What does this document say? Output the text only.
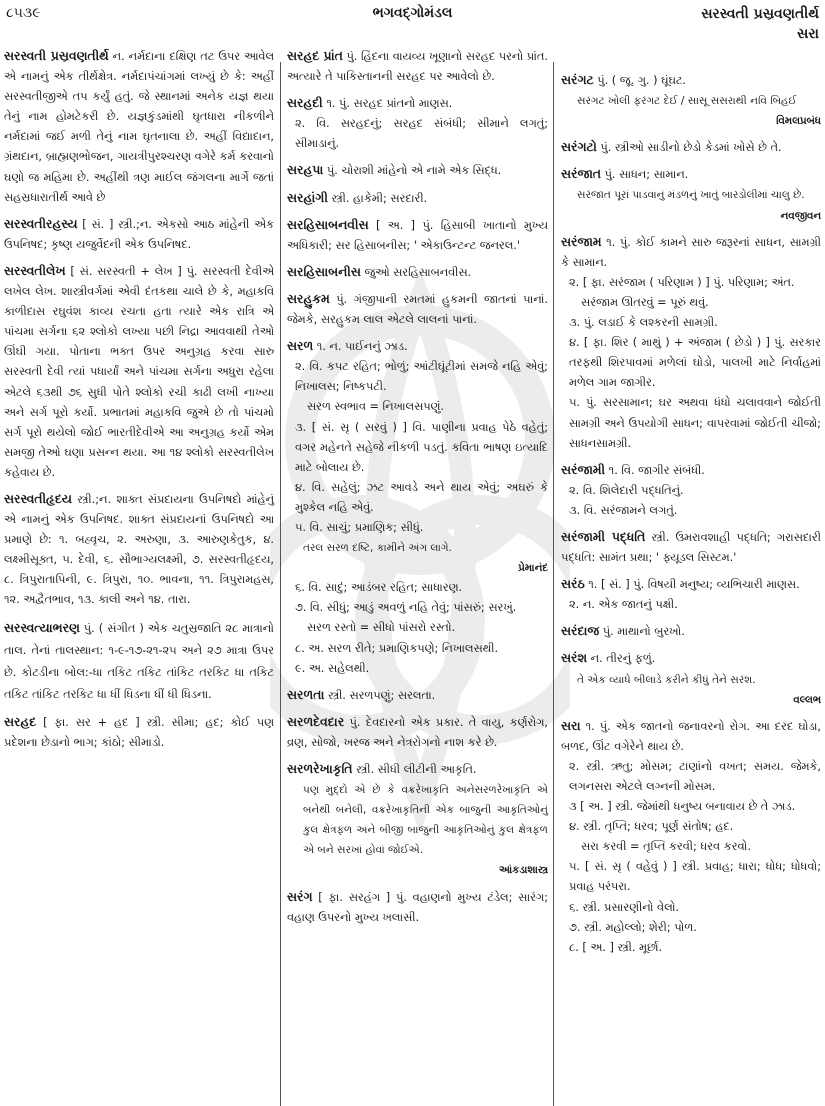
૮૫૩૯	ભગવદ્ગોમંડલ	સરસ્વતી પ્રસ્રવણતીર્થ
સરા
સરસ્વતી પ્રસ્રવણતીર્થ ન. નર્મદાના દક્ષિણ તટ ઉપર આવેલ એ નામનું એક તીર્થક્ષેત્ર. નર્મદાપંચાંગમાં લખ્યું છે કે: અહીં સરસ્વતીજીએ તપ કર્યું હતું. જે સ્થાનમાં અનેક યજ્ઞ થયા તેનું નામ હોમટેકરી છે. યજ્ઞકુંડમાંથી ઘૃતધારા નીકળીને નર્મદામાં જઈ મળી તેનું નામ ઘૃતનાલા છે. અહીં વિદ્યાદાન, ગ્રંથદાન, બ્રાહ્મણભોજન, ગાયત્રીપુરશ્ચરણ વગેરે કર્મ કરવાનો ઘણો જ મહિમા છે. અહીંથી ત્રણ માઈલ જંગલના માર્ગે જતાં સહસ્રધારાતીર્થ આવે છે
સરસ્વતીરહસ્ય [ સં. ] સ્ત્રી.;ન. એકસો આઠ માંહેની એક ઉપનિષદ; કૃષ્ણ યજુર્વેદની એક ઉપનિષદ.
સરસ્વતીલેખ [ સં. સરસ્વતી + લેખ ] પું. સરસ્વતી દેવીએ લખેલ લેખ. શાસ્ત્રીવર્ગમાં એવી દંતકથા ચાલે છે કે, મહાકવિ કાળીદાસ રઘુવંશ કાવ્ય રચતા હતા ત્યારે એક રાત્રિ એ પાંચમા સર્ગના ૬૨ શ્લોકો લખ્યા પછી નિદ્રા આવવાથી તેઓ ઊંઘી ગયા. પોતાના ભક્ત ઉપર અનુગ્રહ કરવા સારુ સરસ્વતી દેવી ત્યાં પધાર્યાં અને પાંચમા સર્ગના અધુરા રહેલા એટલે ૬૩થી ૭૬ સુધી પોતે શ્લોકો રચી કાઢી લખી નાખ્યા અને સર્ગ પૂરો કર્યો. પ્રભાતમાં મહાકવિ જુએ છે તો પાંચમો સર્ગ પૂરો થયેલો જોઈ ભારતીદેવીએ આ અનુગ્રહ કર્યો એમ સમજી તેઓ ઘણા પ્રસન્ન થયા. આ ૧૪ શ્લોકો સરસ્વતીલેખ કહેવાય છે.
સરસ્વતીહૃદય સ્ત્રી.;ન. શાક્ત સંપ્રદાયના ઉપનિષદો માંહેનું એ નામનું એક ઉપનિષદ. શાક્ત સંપ્રદાયનાં ઉપનિષદો આ પ્રમાણે છે: ૧. બહ્વૃચ, ૨. અરુણા, ૩. આરુણકેતુક, ૪. લક્ષ્મીસૂક્ત, ૫. દેવી, ૬. સૌભાગ્યલક્ષ્મી, ૭. સરસ્વતીહૃદય, ૮. ત્રિપુરાતાપિની, ૯. ત્રિપુરા, ૧૦. ભાવના, ૧૧. ત્રિપુરામહસ, ૧૨. અદ્વૈતભાવ, ૧૩. કાલી અને ૧૪. તારા.
સરસ્વત્યાભરણ પું. ( સંગીત ) એક ચતુસ્રજાતિ ૨૮ માત્રાનો તાલ. તેનાં તાલસ્થાન: ૧-૯-૧૭-૨૧-૨૫ અને ૨૭ માત્રા ઉપર છે. કોટડીના બોલ:-ધા તકિટ તકિટ તાંકિટ તરકિટ ધા તકિટ તકિટ તાંકિટ તરકિટ ધા ધીં ધિડના ધીં ધી ધિડના.
સરહદ [ ફા. સર + હદ ] સ્ત્રી. સીમા; હદ; કોઈ પણ પ્રદેશના છેડાનો ભાગ; કાંઠો; સીમાડો.
સરહદ પ્રાંત પું. હિંદના વાયવ્ય ખૂણાનો સરહદ પરનો પ્રાંત. અત્યારે તે પાકિસ્તાનની સરહદ પર આવેલો છે.
સરહદી ૧. પું. સરહદ પ્રાંતનો માણસ.
૨. વિ. સરહદનું; સરહદ સંબંધી; સીમાને લગતું; સીમાડાનું.
સરહપા પું. ચોરાશી માંહેનો એ નામે એક સિદ્ધ.
સરહાંગી સ્ત્રી. હાકેમી; સરદારી.
સરહિસાબનવીસ [ અ. ] પું. હિસાબી ખાતાનો મુખ્ય અધિકારી; સર હિસાબનીસ; ' એકાઉન્ટન્ટ જનરલ.'
સરહિસાબનીસ જુઓ સરહિસાબનવીસ.
સરહુકમ પું. ગંજીપાની રમતમાં હુકમની જાતનાં પાનાં. જેમકે, સરહુકમ લાલ એટલે લાલનાં પાનાં.
સરળ ૧. ન. પાઈનનું ઝાડ.
૨. વિ. કપટ રહિત; ભોળું; આંટીઘૂંટીમાં સમજે નહિ એવું; નિખાલસ; નિષ્કપટી.
સરળ સ્વભાવ = નિખાલસપણું.
૩. [ સં. સૃ ( સરવું ) ] વિ. પાણીના પ્રવાહ પેઠે વહેતું; વગર મહેનતે સહેજે નીકળી પડતું. કવિતા ભાષણ ઇત્યાદિ માટે બોલાય છે.
૪. વિ. સહેલું; ઝટ આવડે અને થાય એવું; અઘરું કે મુશ્કેલ નહિ એવું.
૫. વિ. સાચું; પ્રમાણિક; સીધું.
તરલ સરળ દષ્ટિ, કામીને અંગ લાગે.
પ્રેમાનંદ
૬. વિ. સાદું; આડંબર રહિત; સાધારણ.
૭. વિ. સીધું; આડું અવળું નહિ તેવું; પાંસરું; સરખું.
સરળ રસ્તો = સીધો પાંસરો રસ્તો.
૮. અ. સરળ રીતે; પ્રમાણિકપણે; નિખાલસથી.
૯. અ. સહેલથી.
સરળતા સ્ત્રી. સરળપણું; સરલતા.
સરળદેવદાર પું. દેવદારનો એક પ્રકાર. તે વાયુ, કર્ણરોગ, વ્રણ, સોજો, ખરજ અને નેત્રરોગનો નાશ કરે છે.
સરળરેખાકૃતિ સ્ત્રી. સીધી લીટીની આકૃતિ.
પણ મુદ્દો એ છે કે વક્રરેખાકૃતિ અનેસરળરેખાકૃતિ એ બનેથી બનેલી, વક્રરેખાકૃતિની એક બાજુની આકૃતિઓનું કુલ ક્ષેત્રફળ અને બીજી બાજુની આકૃતિઓનું કુલ ક્ષેત્રફળ એ બને સરખાં હોવાં જોઈએ.
આંકડાશાસ્ત્ર
સરંગ [ ફા. સરહંગ ] પું. વહાણનો મુખ્ય ટંડેલ; સારંગ; વહાણ ઉપરનો મુખ્ય ખલાસી.
સરંગટ પું. ( જૂ. ગુ. ) ઘૂંઘટ.
સરંગટ ખોલી ફરંગટ દેઈ / સાસૂ સસરાથી નવિ બિહઈ
વિમલપ્રબંધ
સરંગટો પું. સ્ત્રીઓ સાડીનો છેડો કેડમાં ખોસે છે તે.
સરંજાત પું. સાધન; સામાન.
સરંજાત પૂરાં પાડવાનું મંડળનું ખાતું બારડોલીમાં ચાલુ છે.
નવજીવન
સરંજામ ૧. પું. કોઈ કામને સારુ જરૂરનાં સાધન, સામગ્રી કે સામાન.
૨. [ ફા. સરંજામ ( પરિણામ ) ] પું. પરિણામ; અંત.
સરંજામ ઊતરવું = પૂરું થવું.
૩. પું. લડાઈ કે લશ્કરની સામગ્રી.
૪. [ ફા. શિર ( માથું ) + અંજામ ( છેડો ) ] પું. સરકાર તરફથી શિરપાવમાં મળેલાં ઘોડો, પાલખી માટે નિર્વાહમાં મળેલ ગામ જાગીર.
૫. પું. સરસામાન; ઘર અથવા ધંધો ચલાવવાને જોઈતી સામગ્રી અને ઉપયોગી સાધન; વાપરવામાં જોઈતી ચીજો; સાધનસામગ્રી.
સરંજામી ૧. વિ. જાગીર સંબંધી.
૨. વિ. શિલેદારી પદ્ધતિનું.
૩. વિ. સરંજામને લગતું.
સરંજામી પદ્ધતિ સ્ત્રી. ઉમરાવશાહી પદ્ધતિ; ગરાસદારી પદ્ધતિ: સામંત પ્રથા; ' ફ્યૂડલ સિસ્ટમ.'
સરંઠ ૧. [ સં. ] પું. વિષયી મનુષ્ય; વ્યભિચારી માણસ.
૨. ન. એક જાતનું પક્ષી.
સરંદાજ પું. માથાનો બુરખો.
સરંશ ન. તીરનું ફળું.
તે એક વ્યાધે બીલાડે કરીને કીધું તેને સરંશ.
વલ્લભ
સરા ૧. પું. એક જાતનો જનાવરનો રોગ. આ દરદ ઘોડા, બળદ, ઊંટ વગેરેને થાય છે.
૨. સ્ત્રી. ઋતુ; મોસમ; ટાણાંનો વખત; સમય. જેમકે, લગનસરા એટલે લગ્નની મોસમ.
૩ [ અ. ] સ્ત્રી. જેમાંથી ધનુષ્ય બનાવાય છે તે ઝાડ.
૪. સ્ત્રી. તૃપ્તિ; ધરવ; પૂર્ણ સંતોષ; હદ.
સરા કરવી = તૃપ્તિ કરવી; ધરવ કરવો.
૫. [ સં. સૃ ( વહેવું ) ] સ્ત્રી. પ્રવાહ; ધારા; ધોધ; ધોધવો; પ્રવાહ પરંપરા.
૬. સ્ત્રી. પ્રસારણીનો વેલો.
૭. સ્ત્રી. મહોલ્લો; શેરી; પોળ.
૮. [ અ. ] સ્ત્રી. મૂર્છા.
